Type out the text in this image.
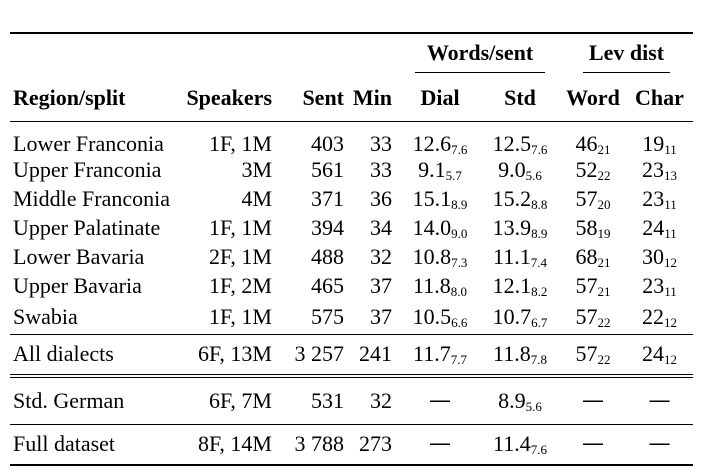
				Words/sent		Lev dist	
Region/split	Speakers	Sent	Min	Dial	Std	Word	Char
Lower Franconia	1F, 1M	403	33	$12.6_{7.6}$	$12.5_{7.6}$	$46_{21}$	$19_{11}$
Upper Franconia	3M	561	33	$9.1_{5.7}$	$9.0_{5.6}$	$52_{22}$	$23_{13}$
Middle Franconia	4M	371	36	$15.1_{8.9}$	$15.2_{8.8}$	$57_{20}$	$23_{11}$
Upper Palatinate	1F, 1M	394	34	$14.0_{9.0}$	$13.9_{8.9}$	$58_{19}$	$24_{11}$
Lower Bavaria	2F, 1M	488	32	$10.8_{7.3}$	$11.1_{7.4}$	$68_{21}$	$30_{12}$
Upper Bavaria	1F, 2M	465	37	$11.8_{8.0}$	$12.1_{8.2}$	$57_{21}$	$23_{11}$
Swabia	1F, 1M	575	37	$10.5_{6.6}$	$10.7_{6.7}$	$57_{22}$	$22_{12}$
All dialects	6F, 13M	3 257	241	$11.7_{7.7}$	$11.8_{7.8}$	$57_{22}$	$24_{12}$
Std. German	6F, 7M	531	32	—	$8.9_{5.6}$	—	—
Full dataset	8F, 14M	3 788	273	—	$11.4_{7.6}$	—	—
